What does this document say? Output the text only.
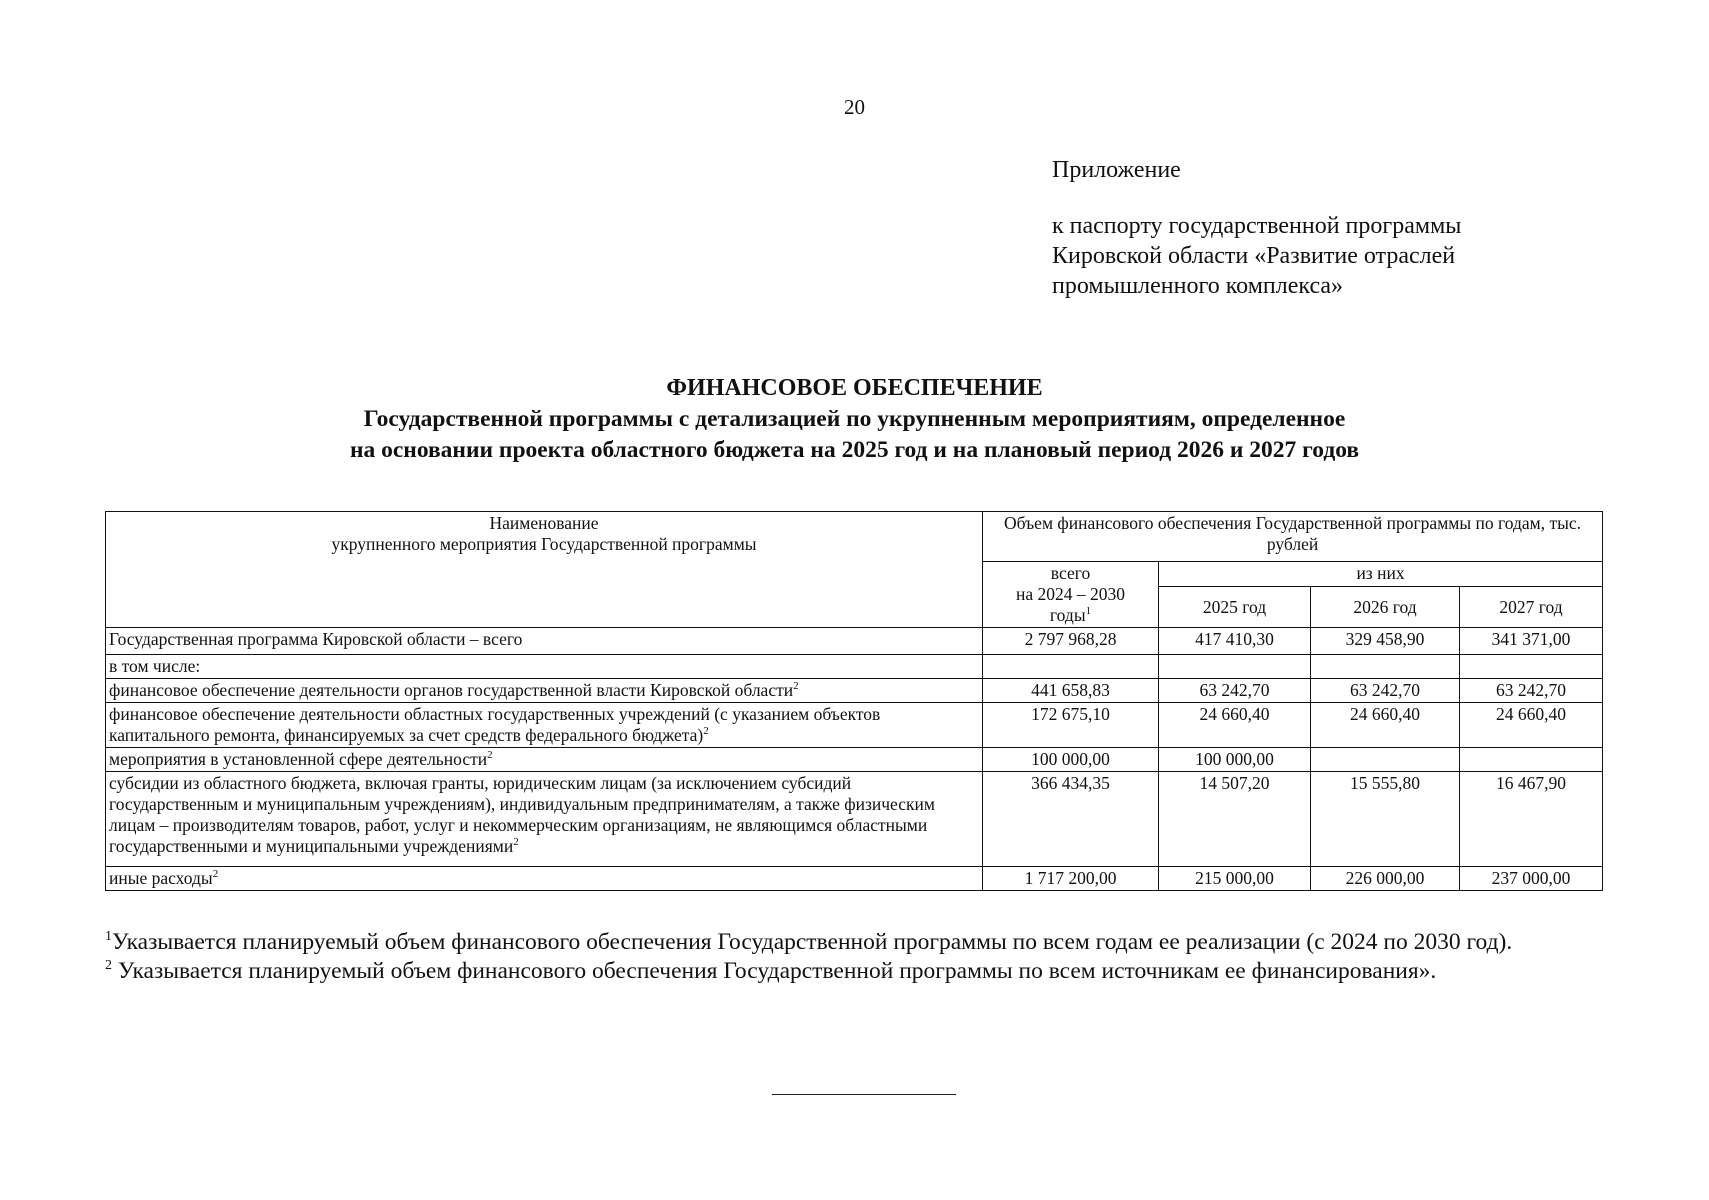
20
Приложение
к паспорту государственной программы
Кировской области «Развитие отраслей
промышленного комплекса»
ФИНАНСОВОЕ ОБЕСПЕЧЕНИЕ
Государственной программы с детализацией по укрупненным мероприятиям, определенное
на основании проекта областного бюджета на 2025 год и на плановый период 2026 и 2027 годов
Наименование
укрупненного мероприятия Государственной программы	Объем финансового обеспечения Государственной программы по годам, тыс. рублей			

	всего
на 2024 – 2030
годы$^1$	из них		
		2025 год	2026 год	2027 год
Государственная программа Кировской области – всего	2 797 968,28	417 410,30	329 458,90	341 371,00
в том числе:				
финансовое обеспечение деятельности органов государственной власти Кировской области$^2$	441 658,83	63 242,70	63 242,70	63 242,70
финансовое обеспечение деятельности областных государственных учреждений (с указанием объектов капитального ремонта, финансируемых за счет средств федерального бюджета)$^2$	172 675,10	24 660,40	24 660,40	24 660,40
мероприятия в установленной сфере деятельности$^2$	100 000,00	100 000,00		
субсидии из областного бюджета, включая гранты, юридическим лицам (за исключением субсидий государственным и муниципальным учреждениям), индивидуальным предпринимателям, а также физическим лицам – производителям товаров, работ, услуг и некоммерческим организациям, не являющимся областными государственными и муниципальными учреждениями$^2$	366 434,35	14 507,20	15 555,80	16 467,90
иные расходы$^2$	1 717 200,00	215 000,00	226 000,00	237 000,00
$^1$Указывается планируемый объем финансового обеспечения Государственной программы по всем годам ее реализации (с 2024 по 2030 год).
$^2$ Указывается планируемый объем финансового обеспечения Государственной программы по всем источникам ее финансирования».
